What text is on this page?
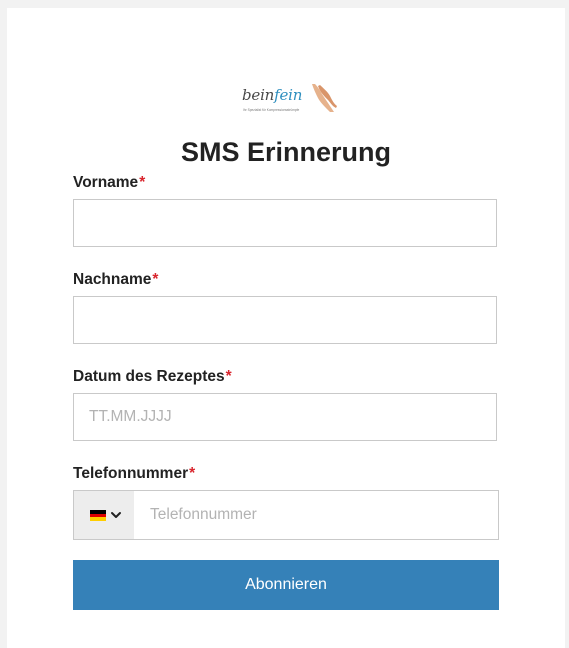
beinfein
Ihr Spezialist für Kompressionsstrümpfe
SMS Erinnerung
Vorname*
Nachname*
Datum des Rezeptes*
TT.MM.JJJJ
Telefonnummer*
Telefonnummer
Abonnieren
